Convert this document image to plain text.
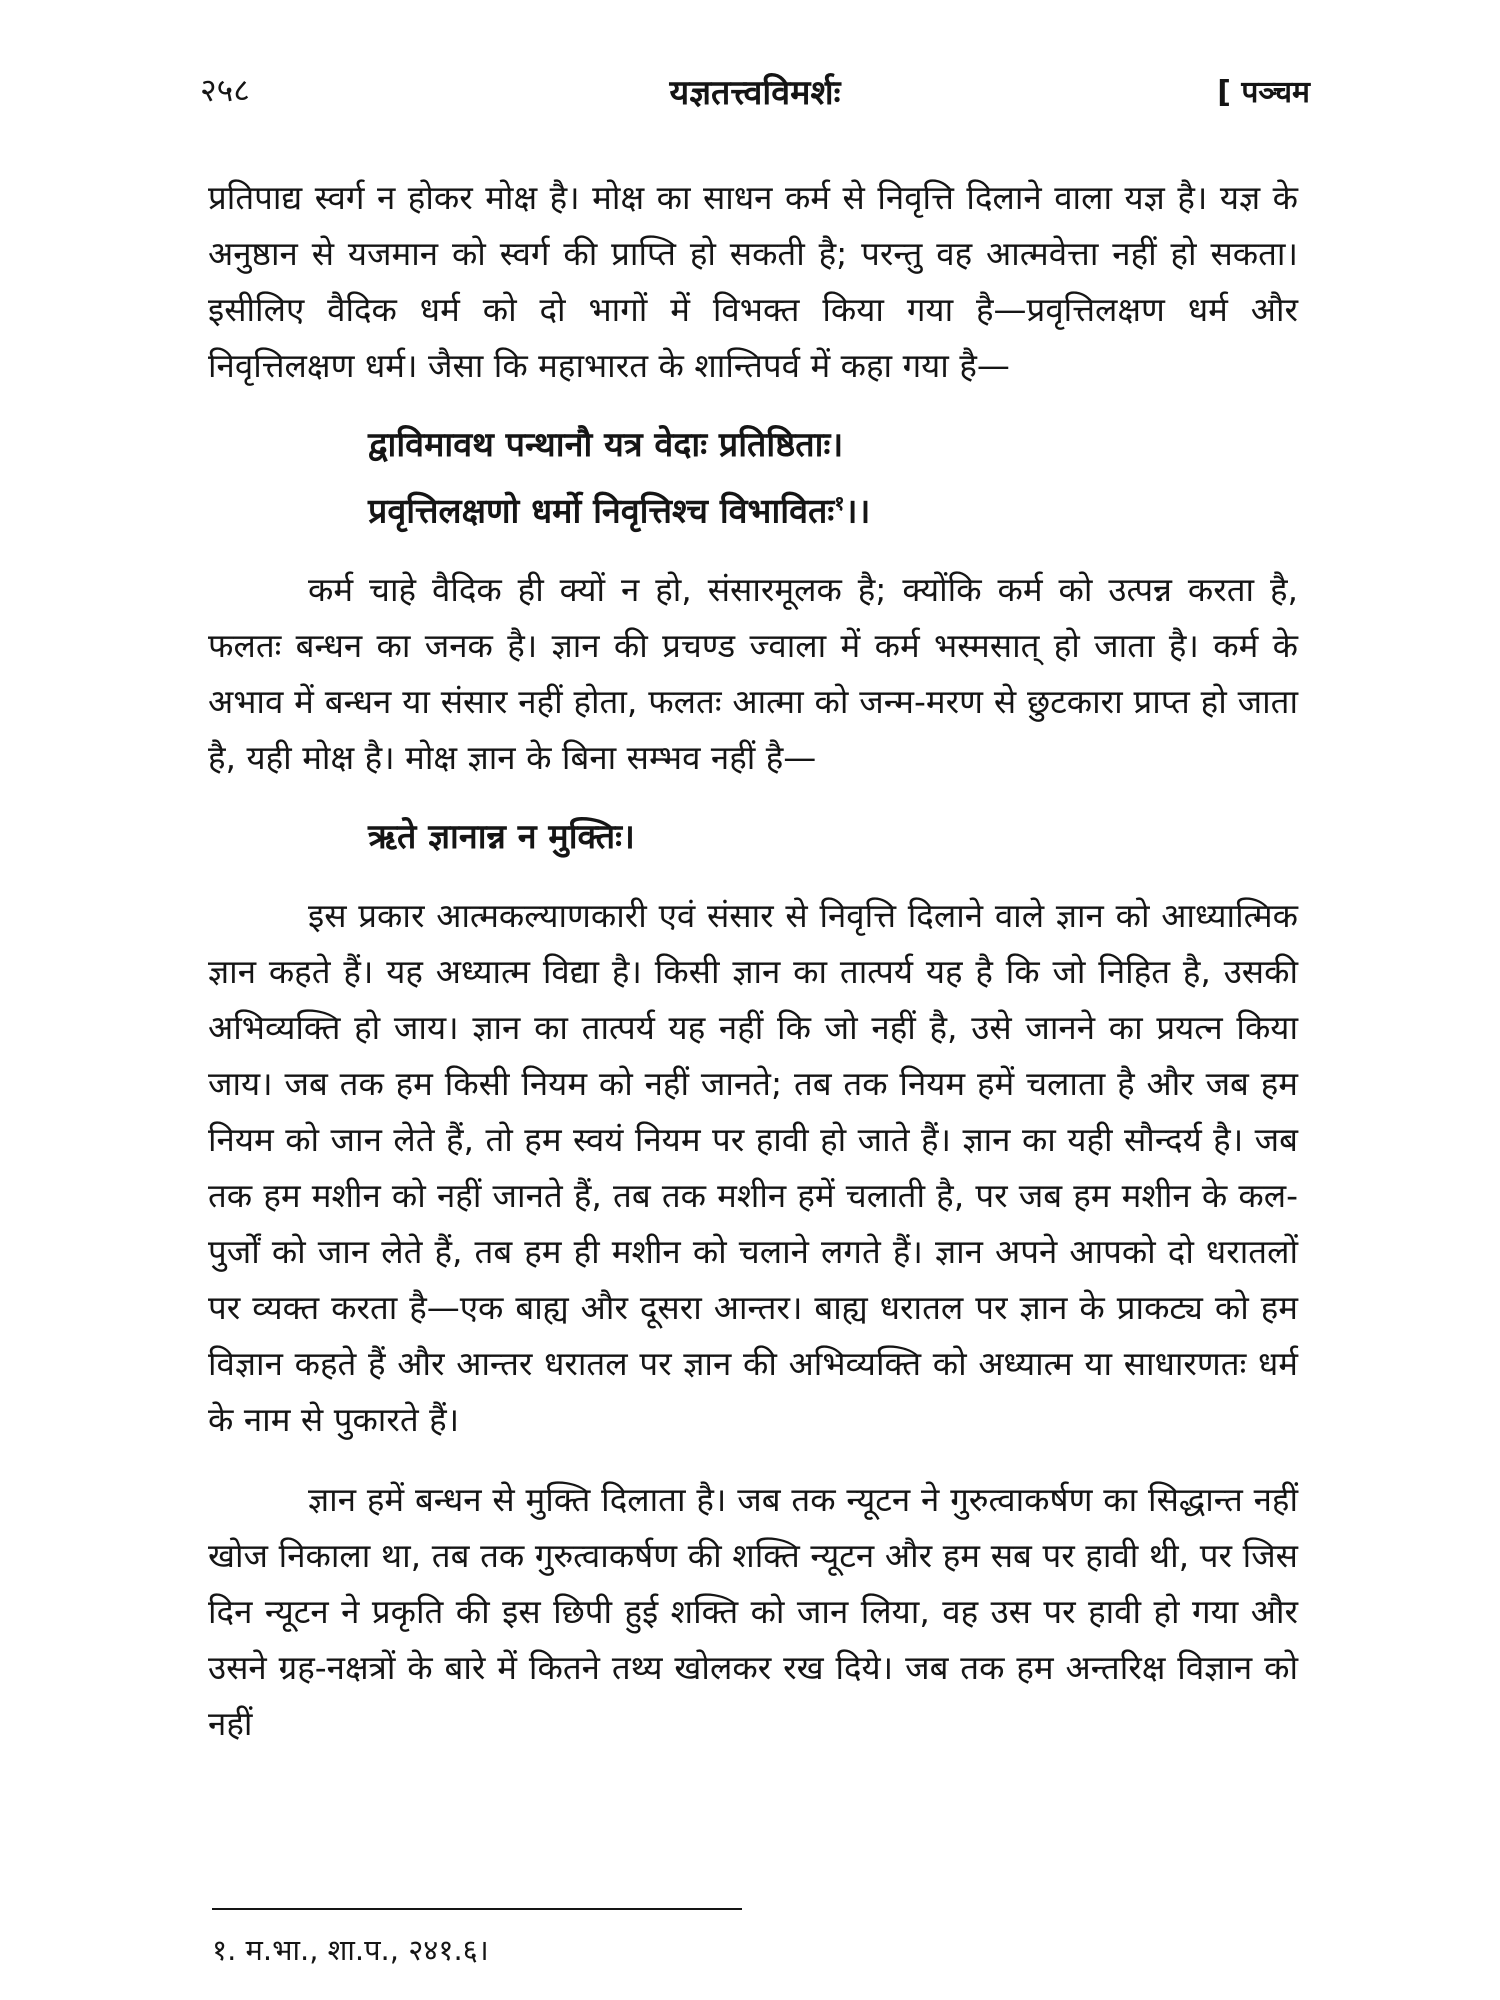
२५८	यज्ञतत्त्वविमर्शः	[ पञ्चम

प्रतिपाद्य स्वर्ग न होकर मोक्ष है। मोक्ष का साधन कर्म से निवृत्ति दिलाने वाला यज्ञ है। यज्ञ के अनुष्ठान से यजमान को स्वर्ग की प्राप्ति हो सकती है; परन्तु वह आत्मवेत्ता नहीं हो सकता। इसीलिए वैदिक धर्म को दो भागों में विभक्त किया गया है—प्रवृत्तिलक्षण धर्म और निवृत्तिलक्षण धर्म। जैसा कि महाभारत के शान्तिपर्व में कहा गया है—

द्वाविमावथ पन्थानौ यत्र वेदाः प्रतिष्ठिताः।
प्रवृत्तिलक्षणो धर्मो निवृत्तिश्च विभावितः$^१$।।

कर्म चाहे वैदिक ही क्यों न हो, संसारमूलक है; क्योंकि कर्म को उत्पन्न करता है, फलतः बन्धन का जनक है। ज्ञान की प्रचण्ड ज्वाला में कर्म भस्मसात् हो जाता है। कर्म के अभाव में बन्धन या संसार नहीं होता, फलतः आत्मा को जन्म-मरण से छुटकारा प्राप्त हो जाता है, यही मोक्ष है। मोक्ष ज्ञान के बिना सम्भव नहीं है—

ऋते ज्ञानान्न न मुक्तिः।

इस प्रकार आत्मकल्याणकारी एवं संसार से निवृत्ति दिलाने वाले ज्ञान को आध्यात्मिक ज्ञान कहते हैं। यह अध्यात्म विद्या है। किसी ज्ञान का तात्पर्य यह है कि जो निहित है, उसकी अभिव्यक्ति हो जाय। ज्ञान का तात्पर्य यह नहीं कि जो नहीं है, उसे जानने का प्रयत्न किया जाय। जब तक हम किसी नियम को नहीं जानते; तब तक नियम हमें चलाता है और जब हम नियम को जान लेते हैं, तो हम स्वयं नियम पर हावी हो जाते हैं। ज्ञान का यही सौन्दर्य है। जब तक हम मशीन को नहीं जानते हैं, तब तक मशीन हमें चलाती है, पर जब हम मशीन के कल-पुर्जों को जान लेते हैं, तब हम ही मशीन को चलाने लगते हैं। ज्ञान अपने आपको दो धरातलों पर व्यक्त करता है—एक बाह्य और दूसरा आन्तर। बाह्य धरातल पर ज्ञान के प्राकट्य को हम विज्ञान कहते हैं और आन्तर धरातल पर ज्ञान की अभिव्यक्ति को अध्यात्म या साधारणतः धर्म के नाम से पुकारते हैं।

ज्ञान हमें बन्धन से मुक्ति दिलाता है। जब तक न्यूटन ने गुरुत्वाकर्षण का सिद्धान्त नहीं खोज निकाला था, तब तक गुरुत्वाकर्षण की शक्ति न्यूटन और हम सब पर हावी थी, पर जिस दिन न्यूटन ने प्रकृति की इस छिपी हुई शक्ति को जान लिया, वह उस पर हावी हो गया और उसने ग्रह-नक्षत्रों के बारे में कितने तथ्य खोलकर रख दिये। जब तक हम अन्तरिक्ष विज्ञान को नहीं

१. म.भा., शा.प., २४१.६।
